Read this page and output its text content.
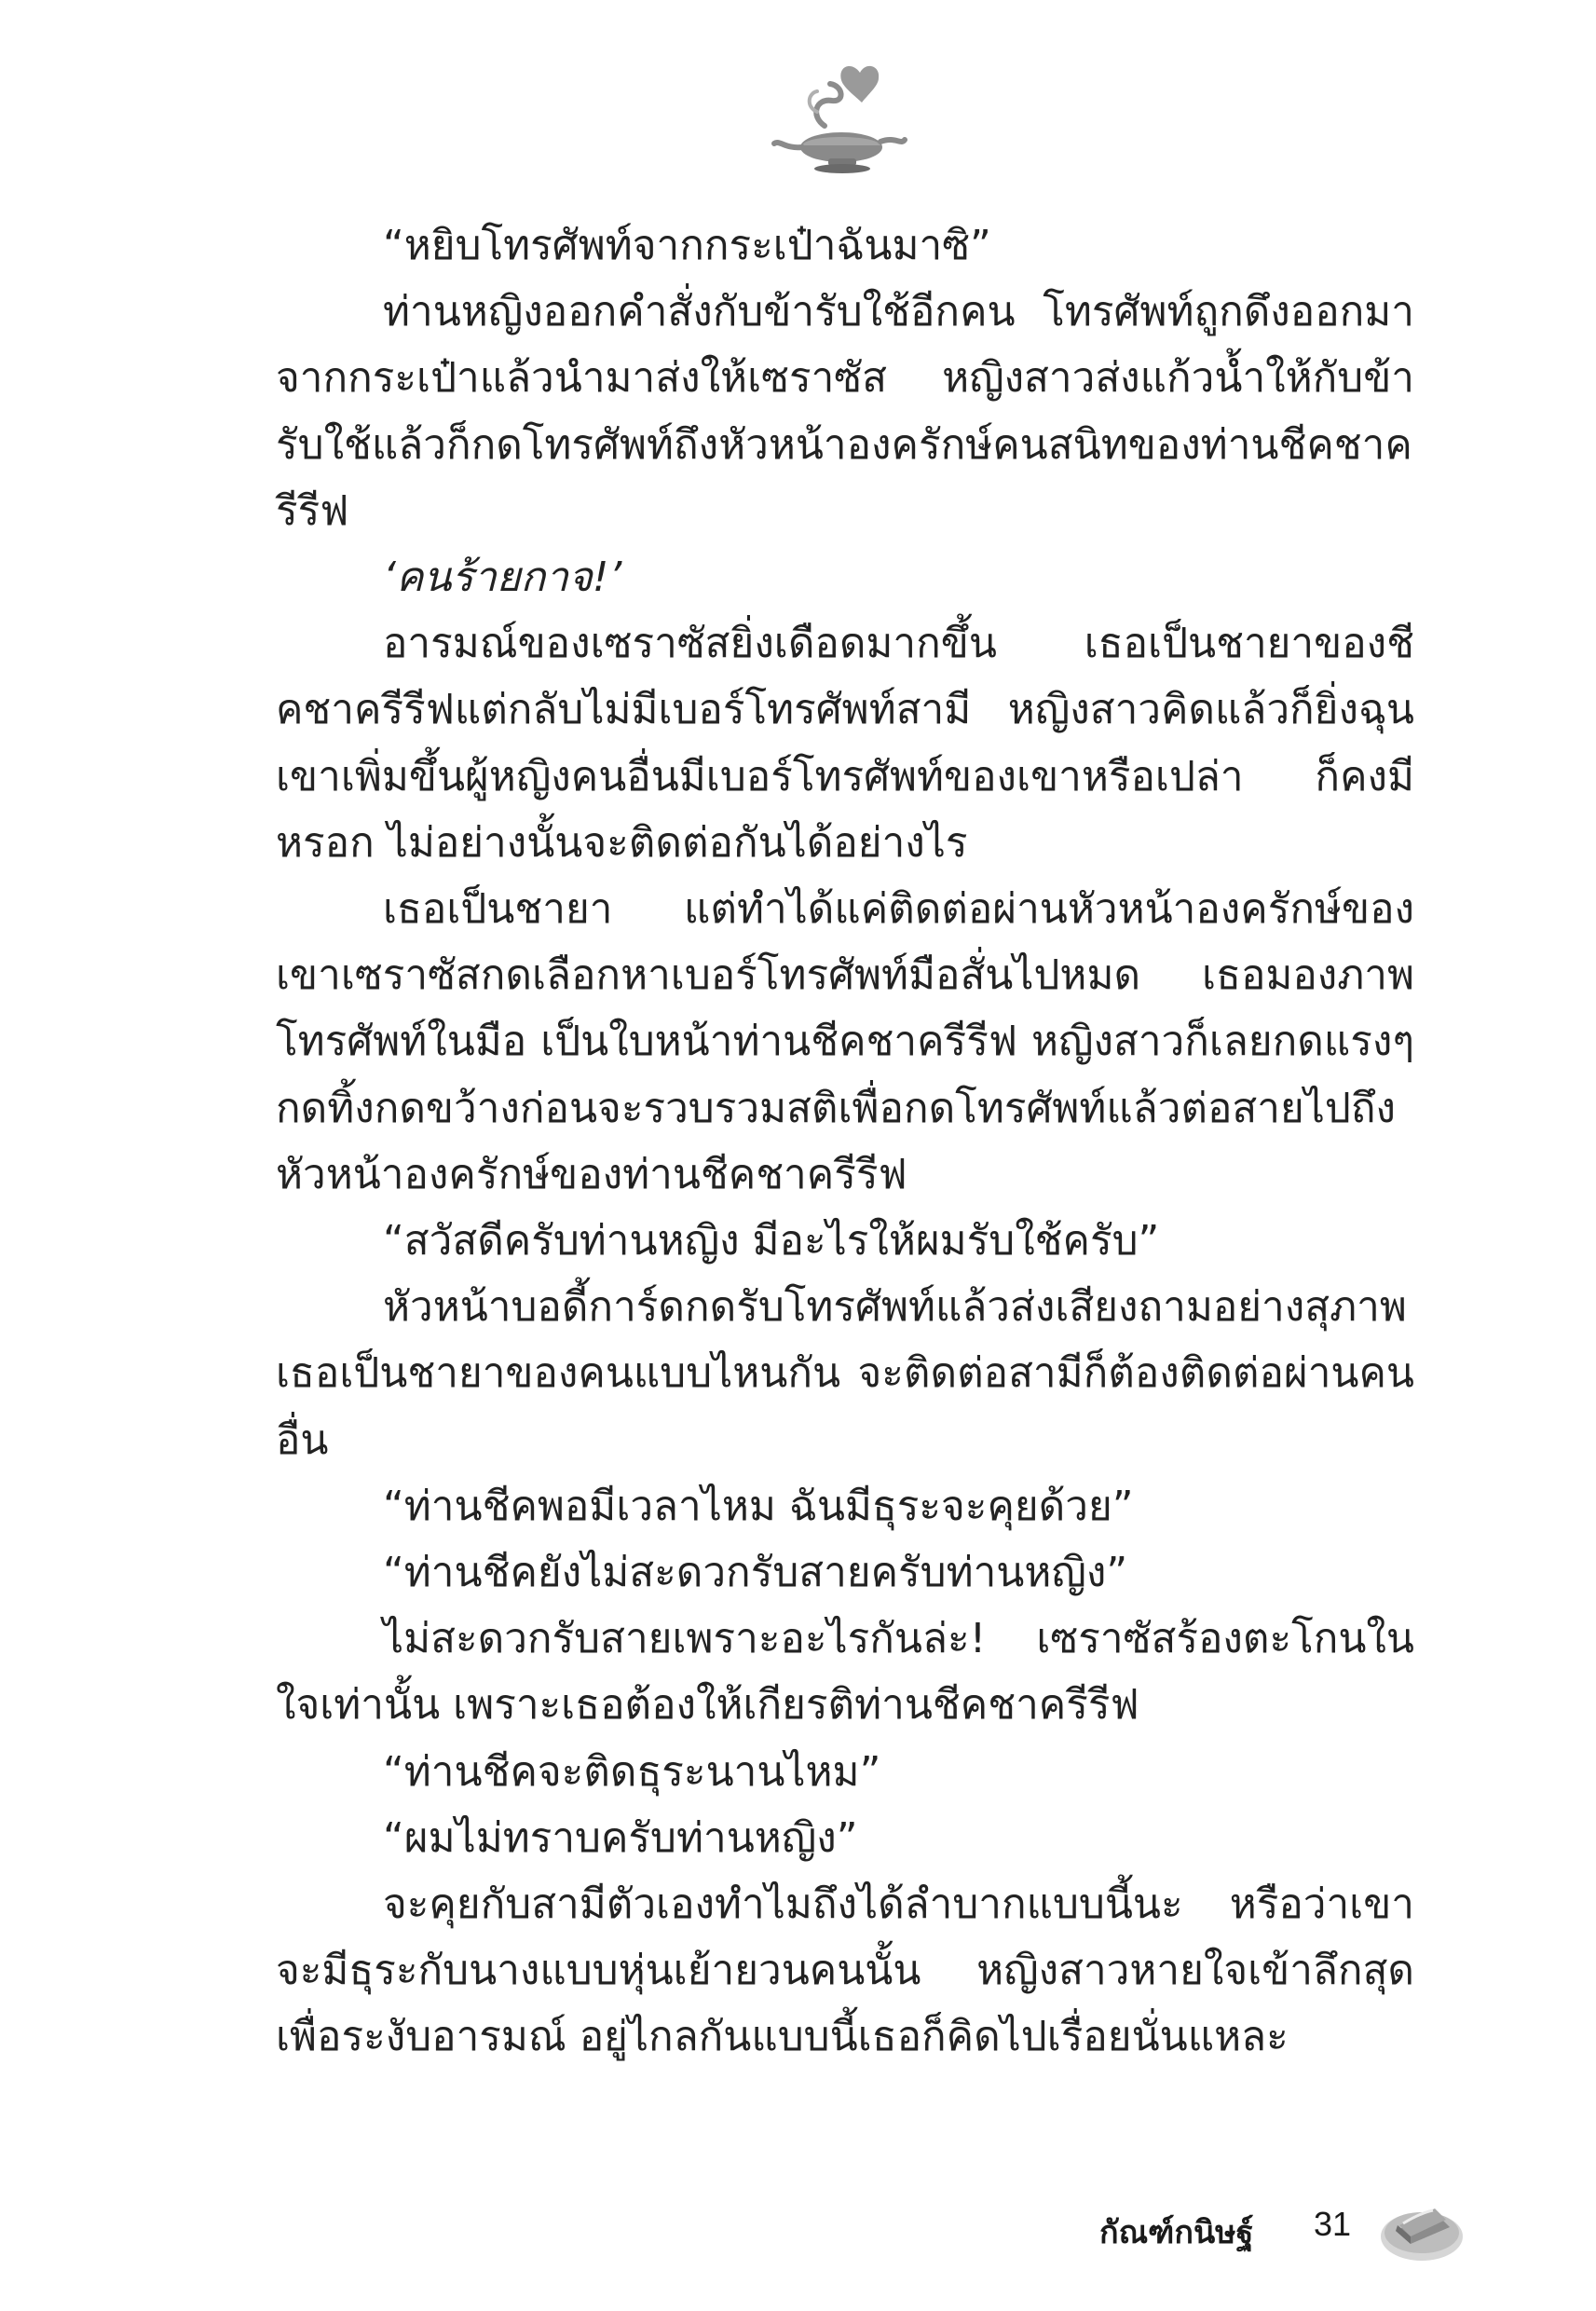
“หยิบโทรศัพท์จากกระเป๋าฉันมาซิ”

ท่านหญิงออกคำสั่งกับข้ารับใช้อีกคน โทรศัพท์ถูกดึงออกมาจากกระเป๋าแล้วนำมาส่งให้เซราซัส หญิงสาวส่งแก้วน้ำให้กับข้ารับใช้แล้วก็กดโทรศัพท์ถึงหัวหน้าองครักษ์คนสนิทของท่านชีคชาครีรีฟ

‘คนร้ายกาจ!’

อารมณ์ของเซราซัสยิ่งเดือดมากขึ้น เธอเป็นชายาของชีคชาครีรีฟแต่กลับไม่มีเบอร์โทรศัพท์สามี หญิงสาวคิดแล้วก็ยิ่งฉุนเขาเพิ่มขึ้นผู้หญิงคนอื่นมีเบอร์โทรศัพท์ของเขาหรือเปล่า ก็คงมีหรอก ไม่อย่างนั้นจะติดต่อกันได้อย่างไร

เธอเป็นชายา แต่ทำได้แค่ติดต่อผ่านหัวหน้าองครักษ์ของเขาเซราซัสกดเลือกหาเบอร์โทรศัพท์มือสั่นไปหมด เธอมองภาพโทรศัพท์ในมือ เป็นใบหน้าท่านชีคชาครีรีฟ หญิงสาวก็เลยกดแรงๆ กดทิ้งกดขว้างก่อนจะรวบรวมสติเพื่อกดโทรศัพท์แล้วต่อสายไปถึงหัวหน้าองครักษ์ของท่านชีคชาครีรีฟ

“สวัสดีครับท่านหญิง มีอะไรให้ผมรับใช้ครับ”

หัวหน้าบอดี้การ์ดกดรับโทรศัพท์แล้วส่งเสียงถามอย่างสุภาพเธอเป็นชายาของคนแบบไหนกัน จะติดต่อสามีก็ต้องติดต่อผ่านคนอื่น

“ท่านชีคพอมีเวลาไหม ฉันมีธุระจะคุยด้วย”

“ท่านชีคยังไม่สะดวกรับสายครับท่านหญิง”

ไม่สะดวกรับสายเพราะอะไรกันล่ะ! เซราซัสร้องตะโกนในใจเท่านั้น เพราะเธอต้องให้เกียรติท่านชีคชาครีรีฟ

“ท่านชีคจะติดธุระนานไหม”

“ผมไม่ทราบครับท่านหญิง”

จะคุยกับสามีตัวเองทำไมถึงได้ลำบากแบบนี้นะ หรือว่าเขาจะมีธุระกับนางแบบหุ่นเย้ายวนคนนั้น หญิงสาวหายใจเข้าลึกสุดเพื่อระงับอารมณ์ อยู่ไกลกันแบบนี้เธอก็คิดไปเรื่อยนั่นแหละ

กัณฑ์กนิษฐ์ 31
